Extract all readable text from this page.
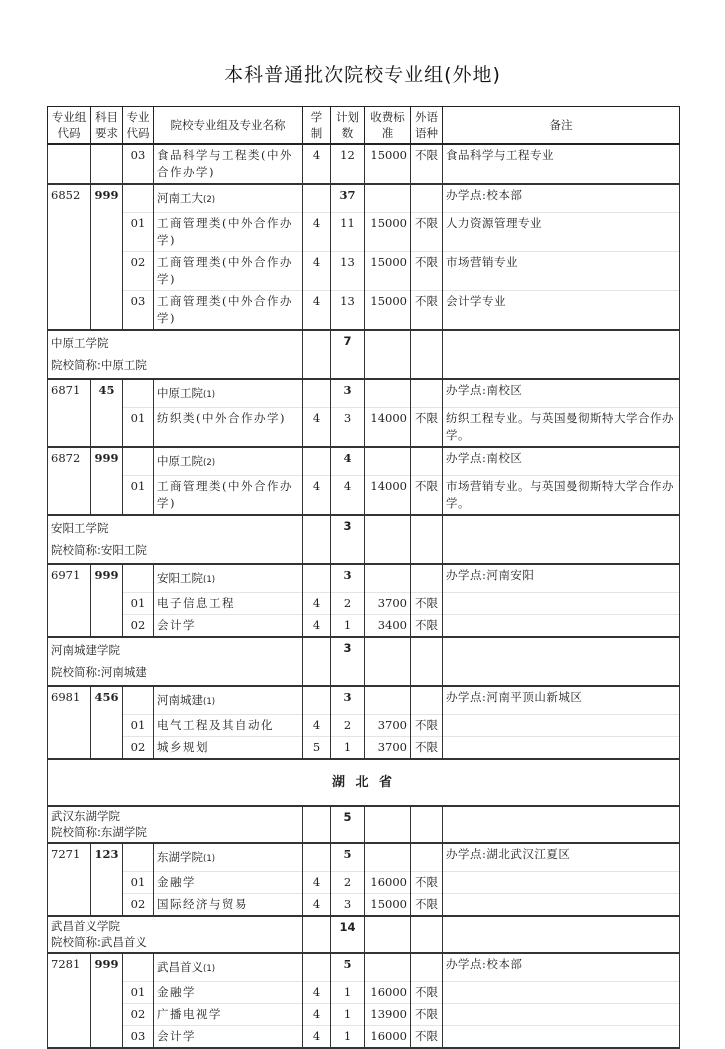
本科普通批次院校专业组(外地)
专业组代码	科目要求	专业代码	院校专业组及专业名称	学制	计划数	收费标准	外语语种	备注
		03	食品科学与工程类(中外合作办学)	4	12	15000	不限	食品科学与工程专业
6852	999		河南工大(2)		37			办学点:校本部
		01	工商管理类(中外合作办学)	4	11	15000	不限	人力资源管理专业
		02	工商管理类(中外合作办学)	4	13	15000	不限	市场营销专业
		03	工商管理类(中外合作办学)	4	13	15000	不限	会计学专业

中原工学院
院校简称:中原工院					7			
6871	45		中原工院(1)		3			办学点:南校区
		01	纺织类(中外合作办学)	4	3	14000	不限	纺织工程专业。与英国曼彻斯特大学合作办学。
6872	999		中原工院(2)		4			办学点:南校区
		01	工商管理类(中外合作办学)	4	4	14000	不限	市场营销专业。与英国曼彻斯特大学合作办学。

安阳工学院
院校简称:安阳工院					3			
6971	999		安阳工院(1)		3			办学点:河南安阳
		01	电子信息工程	4	2	3700	不限	
		02	会计学	4	1	3400	不限	

河南城建学院
院校简称:河南城建					3			
6981	456		河南城建(1)		3			办学点:河南平顶山新城区
		01	电气工程及其自动化	4	2	3700	不限	
		02	城乡规划	5	1	3700	不限	
湖 北 省								

武汉东湖学院
院校简称:东湖学院					5			
7271	123		东湖学院(1)		5			办学点:湖北武汉江夏区
		01	金融学	4	2	16000	不限	
		02	国际经济与贸易	4	3	15000	不限	

武昌首义学院
院校简称:武昌首义					14			
7281	999		武昌首义(1)		5			办学点:校本部
		01	金融学	4	1	16000	不限	
		02	广播电视学	4	1	13900	不限	
		03	会计学	4	1	16000	不限	
